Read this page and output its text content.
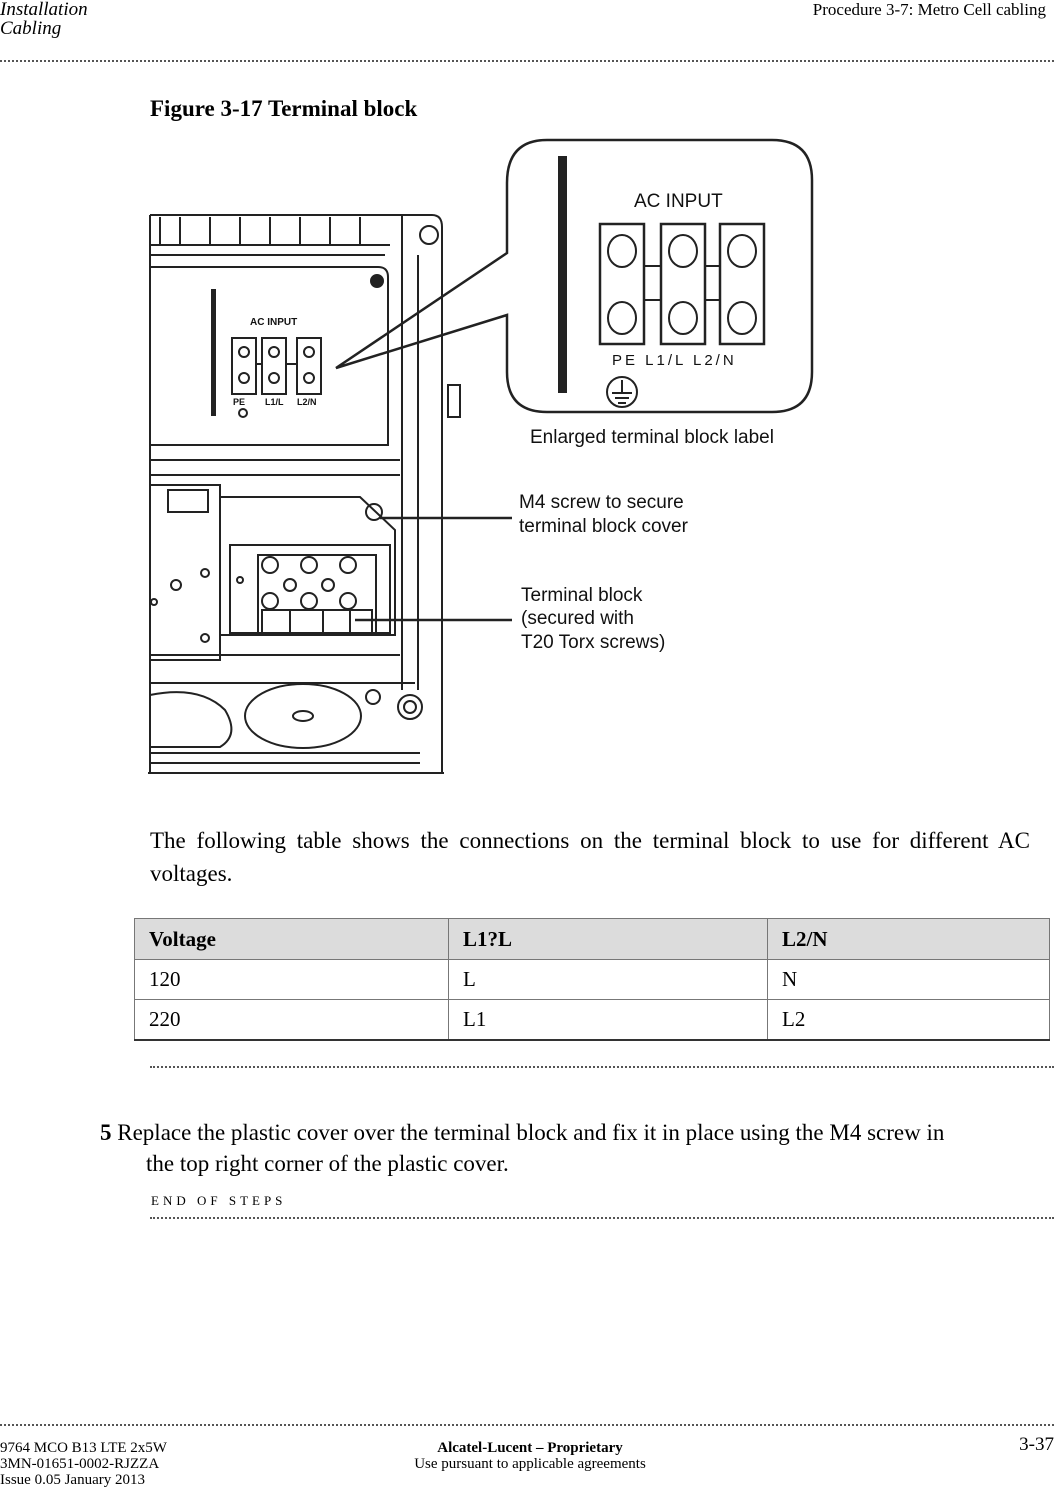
Installation
Cabling
Procedure 3-7: Metro Cell cabling
Figure 3-17 Terminal block
AC INPUT
PE L1/L L2/N
AC INPUT
PE L1/L L2/N
Enlarged terminal block label
M4 screw to secure
terminal block cover
Terminal block
(secured with
T20 Torx screws)
The following table shows the connections on the terminal block to use for different AC voltages.
Voltage	L1?L	L2/N
120	L	N
220	L1	L2
5 Replace the plastic cover over the terminal block and fix it in place using the M4 screw in
the top right corner of the plastic cover.
END OF STEPS
9764 MCO B13 LTE 2x5W
3MN-01651-0002-RJZZA
Issue 0.05 January 2013
Alcatel-Lucent – Proprietary
Use pursuant to applicable agreements
3-37
